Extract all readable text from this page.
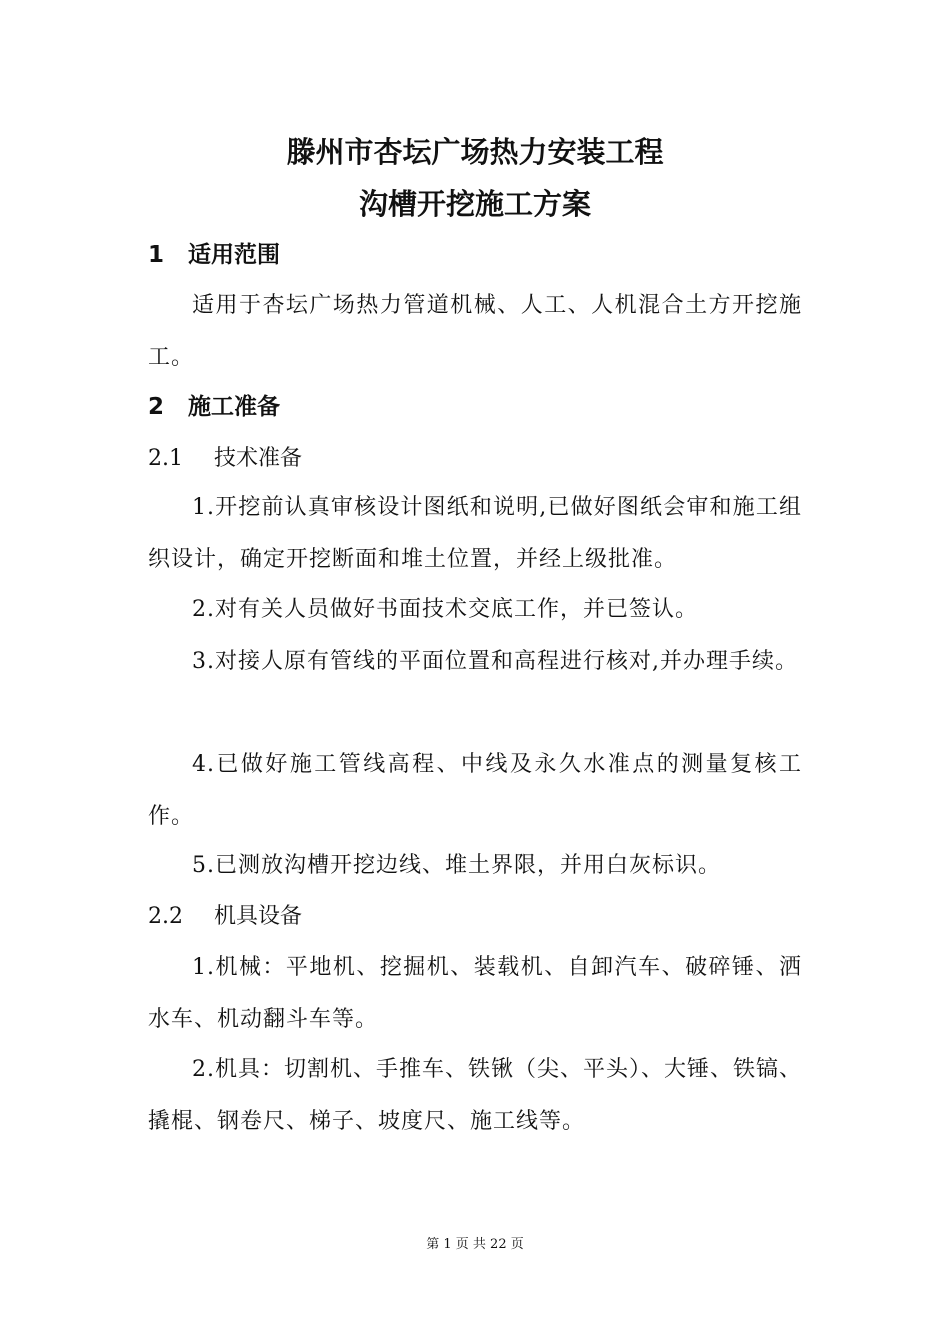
滕州市杏坛广场热力安装工程
沟槽开挖施工方案
1 适用范围

适用于杏坛广场热力管道机械、人工、人机混合土方开挖施工。

2 施工准备
2.1 技术准备

1.开挖前认真审核设计图纸和说明,已做好图纸会审和施工组织设计，确定开挖断面和堆土位置，并经上级批准。

2.对有关人员做好书面技术交底工作，并已签认。

3.对接人原有管线的平面位置和高程进行核对,并办理手续。

4.已做好施工管线高程、中线及永久水准点的测量复核工作。

5.已测放沟槽开挖边线、堆土界限，并用白灰标识。

2.2 机具设备

1.机械：平地机、挖掘机、装载机、自卸汽车、破碎锤、洒水车、机动翻斗车等。

2.机具：切割机、手推车、铁锹（尖、平头）、大锤、铁镐、撬棍、钢卷尺、梯子、坡度尺、施工线等。

第 1 页 共 22 页
